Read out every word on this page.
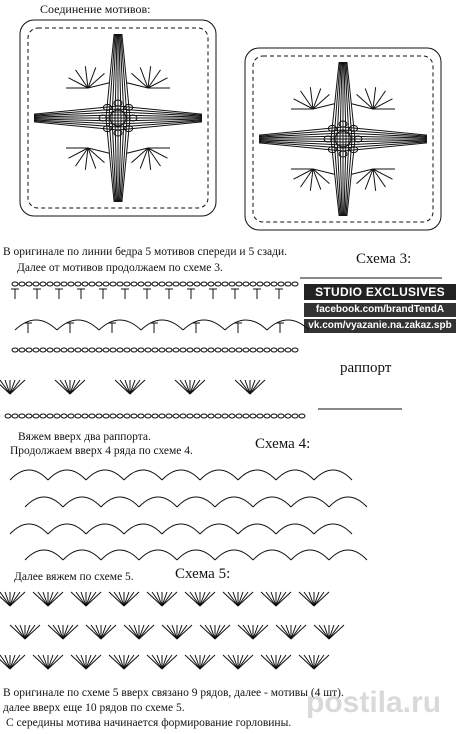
Соединение мотивов:
В оригинале по линии бедра 5 мотивов спереди и 5 сзади.
Далее от мотивов продолжаем по схеме 3.
Схема 3:
раппорт
Вяжем вверх два раппорта.
Продолжаем вверх 4 ряда по схеме 4.	Схема 4:
Далее вяжем по схеме 5.	Схема 5:
В оригинале по схеме 5 вверх связано 9 рядов, далее - мотивы (4 шт).
далее вверх еще 10 рядов по схеме 5.
С середины мотива начинается формирование горловины.
STUDIO EXCLUSIVES
facebook.com/brandTendA
vk.com/vyazanie.na.zakaz.spb
postila.ru
